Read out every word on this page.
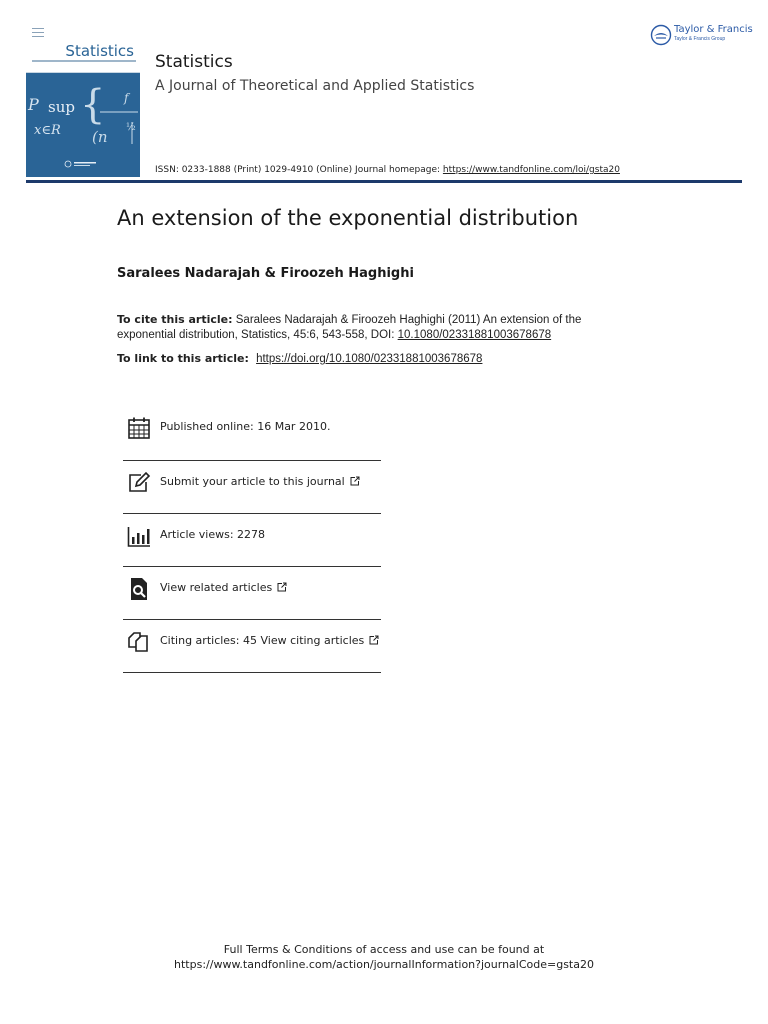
Statistics
P sup {
x∈R (n
f
½
Statistics
A Journal of Theoretical and Applied Statistics
ISSN: 0233-1888 (Print) 1029-4910 (Online) Journal homepage: https://www.tandfonline.com/loi/gsta20
Taylor & Francis
Taylor & Francis Group
An extension of the exponential distribution
Saralees Nadarajah & Firoozeh Haghighi
To cite this article: Saralees Nadarajah & Firoozeh Haghighi (2011) An extension of the exponential distribution, Statistics, 45:6, 543-558, DOI: 10.1080/02331881003678678
To link to this article: https://doi.org/10.1080/02331881003678678
Published online: 16 Mar 2010.
Submit your article to this journal
Article views: 2278
View related articles
Citing articles: 45 View citing articles
Full Terms & Conditions of access and use can be found at
https://www.tandfonline.com/action/journalInformation?journalCode=gsta20
